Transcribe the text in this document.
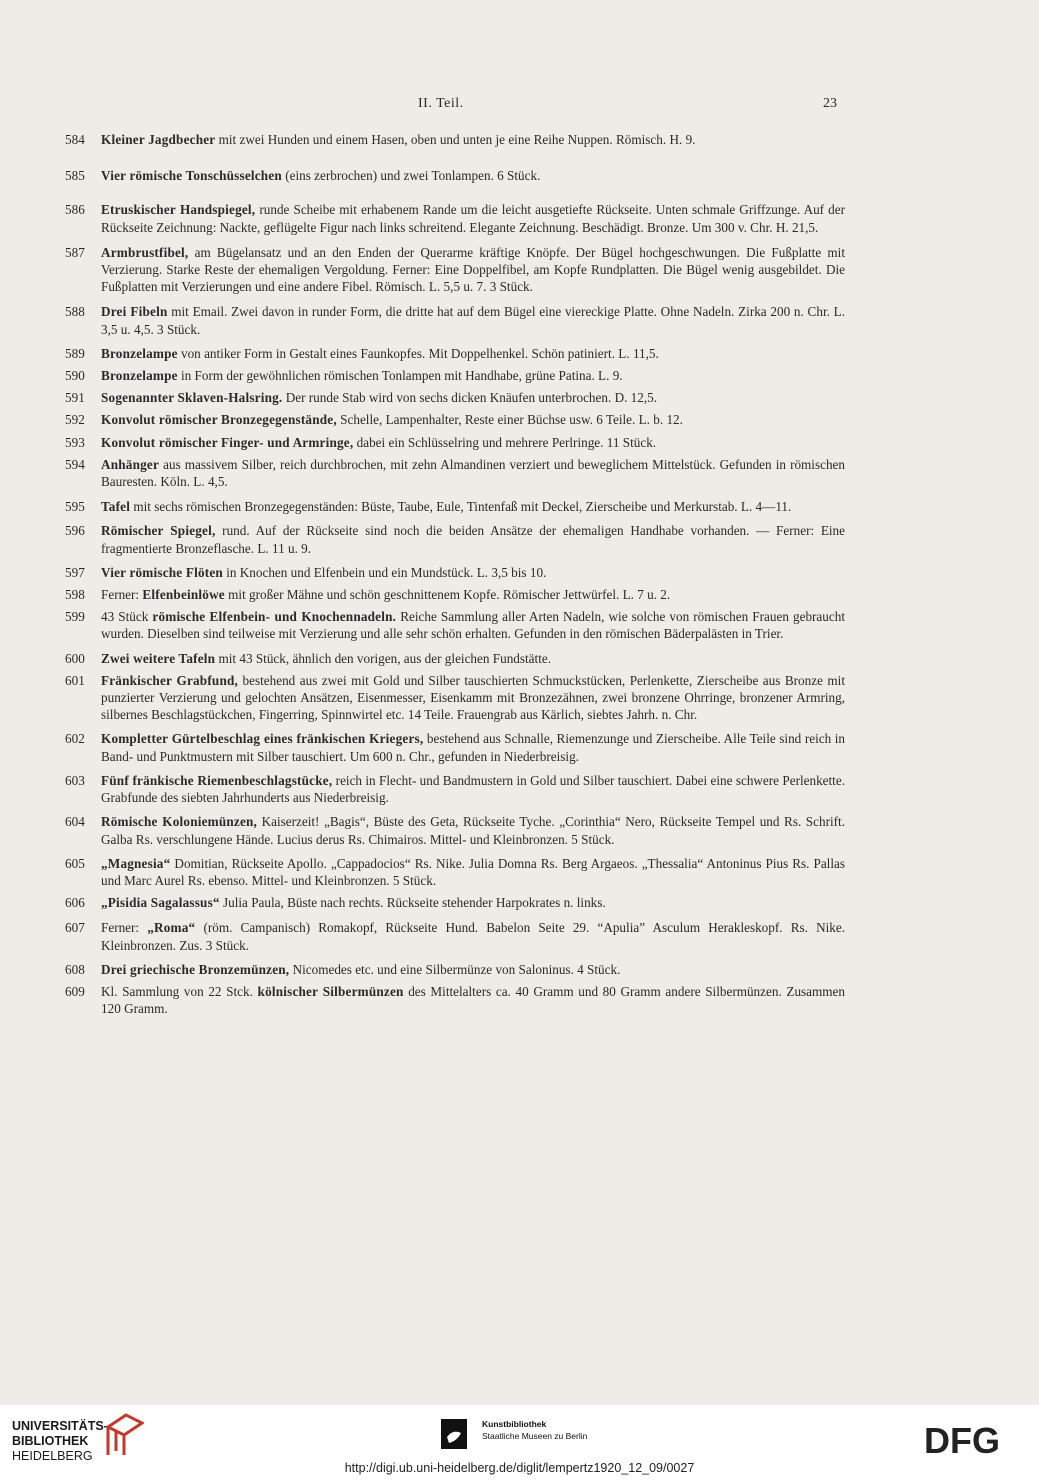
II. Teil.	23
584	Kleiner Jagdbecher mit zwei Hunden und einem Hasen, oben und unten je eine Reihe Nuppen. Römisch. H. 9.
585	Vier römische Tonschüsselchen (eins zerbrochen) und zwei Tonlampen. 6 Stück.
586	Etruskischer Handspiegel, runde Scheibe mit erhabenem Rande um die leicht ausgetiefte Rückseite. Unten schmale Griffzunge. Auf der Rückseite Zeichnung: Nackte, geflügelte Figur nach links schreitend. Elegante Zeichnung. Beschädigt. Bronze. Um 300 v. Chr. H. 21,5.
587	Armbrustfibel, am Bügelansatz und an den Enden der Querarme kräftige Knöpfe. Der Bügel hochgeschwungen. Die Fußplatte mit Verzierung. Starke Reste der ehemaligen Vergoldung. Ferner: Eine Doppelfibel, am Kopfe Rundplatten. Die Bügel wenig ausgebildet. Die Fußplatten mit Verzierungen und eine andere Fibel. Römisch. L. 5,5 u. 7. 3 Stück.
588	Drei Fibeln mit Email. Zwei davon in runder Form, die dritte hat auf dem Bügel eine viereckige Platte. Ohne Nadeln. Zirka 200 n. Chr. L. 3,5 u. 4,5. 3 Stück.
589	Bronzelampe von antiker Form in Gestalt eines Faunkopfes. Mit Doppelhenkel. Schön patiniert. L. 11,5.
590	Bronzelampe in Form der gewöhnlichen römischen Tonlampen mit Handhabe, grüne Patina. L. 9.
591	Sogenannter Sklaven-Halsring. Der runde Stab wird von sechs dicken Knäufen unterbrochen. D. 12,5.
592	Konvolut römischer Bronzegegenstände, Schelle, Lampenhalter, Reste einer Büchse usw. 6 Teile. L. b. 12.
593	Konvolut römischer Finger- und Armringe, dabei ein Schlüsselring und mehrere Perlringe. 11 Stück.
594	Anhänger aus massivem Silber, reich durchbrochen, mit zehn Almandinen verziert und beweglichem Mittelstück. Gefunden in römischen Bauresten. Köln. L. 4,5.
595	Tafel mit sechs römischen Bronzegegenständen: Büste, Taube, Eule, Tintenfaß mit Deckel, Zierscheibe und Merkurstab. L. 4—11.
596	Römischer Spiegel, rund. Auf der Rückseite sind noch die beiden Ansätze der ehemaligen Handhabe vorhanden. — Ferner: Eine fragmentierte Bronzeflasche. L. 11 u. 9.
597	Vier römische Flöten in Knochen und Elfenbein und ein Mundstück. L. 3,5 bis 10.
598	Ferner: Elfenbeinlöwe mit großer Mähne und schön geschnittenem Kopfe. Römischer Jettwürfel. L. 7 u. 2.
599	43 Stück römische Elfenbein- und Knochennadeln. Reiche Sammlung aller Arten Nadeln, wie solche von römischen Frauen gebraucht wurden. Dieselben sind teilweise mit Verzierung und alle sehr schön erhalten. Gefunden in den römischen Bäderpalästen in Trier.
600	Zwei weitere Tafeln mit 43 Stück, ähnlich den vorigen, aus der gleichen Fundstätte.
601	Fränkischer Grabfund, bestehend aus zwei mit Gold und Silber tauschierten Schmuckstücken, Perlenkette, Zierscheibe aus Bronze mit punzierter Verzierung und gelochten Ansätzen, Eisenmesser, Eisenkamm mit Bronzezähnen, zwei bronzene Ohrringe, bronzener Armring, silbernes Beschlagstückchen, Fingerring, Spinnwirtel etc. 14 Teile. Frauengrab aus Kärlich, siebtes Jahrh. n. Chr.
602	Kompletter Gürtelbeschlag eines fränkischen Kriegers, bestehend aus Schnalle, Riemenzunge und Zierscheibe. Alle Teile sind reich in Band- und Punktmustern mit Silber tauschiert. Um 600 n. Chr., gefunden in Niederbreisig.
603	Fünf fränkische Riemenbeschlagstücke, reich in Flecht- und Bandmustern in Gold und Silber tauschiert. Dabei eine schwere Perlenkette. Grabfunde des siebten Jahrhunderts aus Niederbreisig.
604	Römische Koloniemünzen, Kaiserzeit! „Bagis“, Büste des Geta, Rückseite Tyche. „Corinthia“ Nero, Rückseite Tempel und Rs. Schrift. Galba Rs. verschlungene Hände. Lucius derus Rs. Chimairos. Mittel- und Kleinbronzen. 5 Stück.
605	„Magnesia“ Domitian, Rückseite Apollo. „Cappadocios“ Rs. Nike. Julia Domna Rs. Berg Argaeos. „Thessalia“ Antoninus Pius Rs. Pallas und Marc Aurel Rs. ebenso. Mittel- und Kleinbronzen. 5 Stück.
606	„Pisidia Sagalassus“ Julia Paula, Büste nach rechts. Rückseite stehender Harpokrates n. links.
607	Ferner: „Roma“ (röm. Campanisch) Romakopf, Rückseite Hund. Babelon Seite 29. “Apulia” Asculum Herakleskopf. Rs. Nike. Kleinbronzen. Zus. 3 Stück.
608	Drei griechische Bronzemünzen, Nicomedes etc. und eine Silbermünze von Saloninus. 4 Stück.
609	Kl. Sammlung von 22 Stck. kölnischer Silbermünzen des Mittelalters ca. 40 Gramm und 80 Gramm andere Silbermünzen. Zusammen 120 Gramm.
UNIVERSITÄTS-
BIBLIOTHEK
HEIDELBERG
Kunstbibliothek
Staatliche Museen zu Berlin	DFG
http://digi.ub.uni-heidelberg.de/diglit/lempertz1920_12_09/0027
